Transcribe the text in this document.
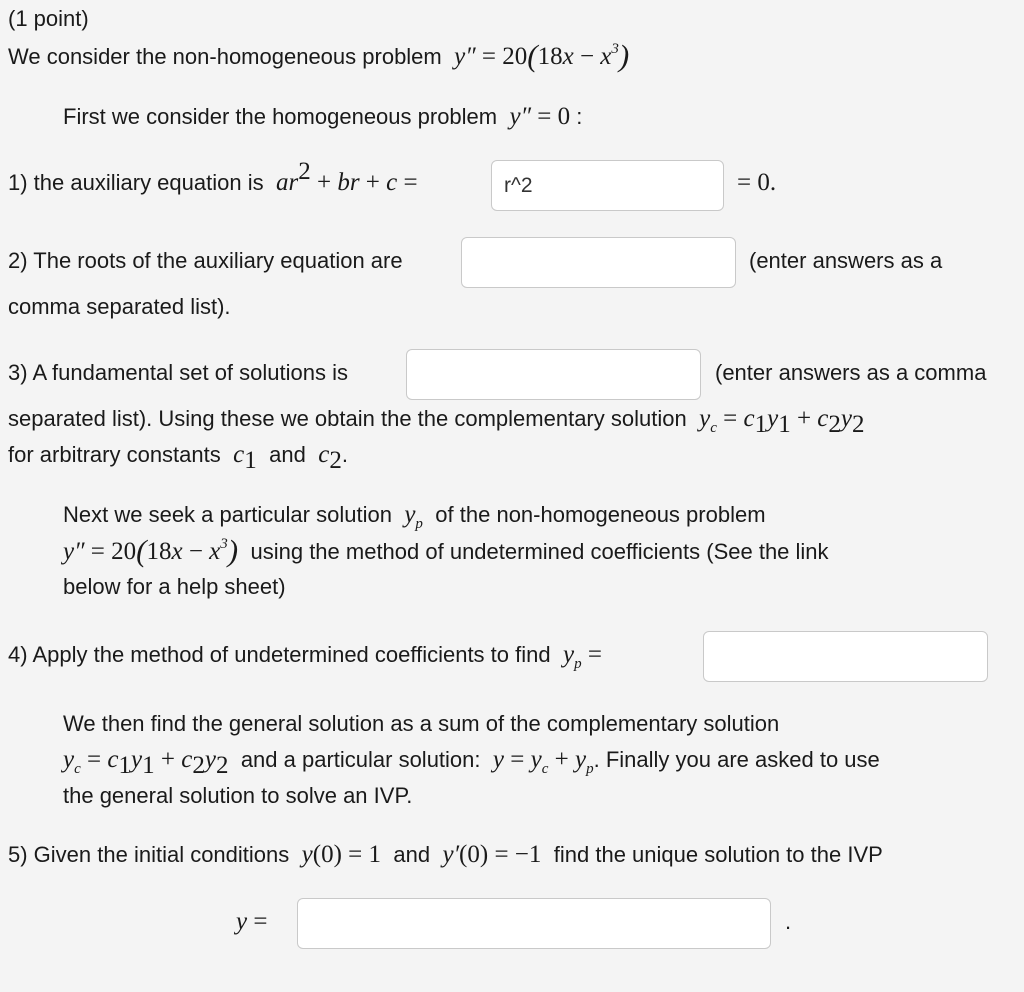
(1 point)
We consider the non-homogeneous problem  $y'' = 20(18x - x^3)$
First we consider the homogeneous problem  y″ = 0 :
1) the auxiliary equation is  $ar^2$ + br + c =
r^2	= 0.
2) The roots of the auxiliary equation are	(enter answers as a
comma separated list).
3) A fundamental set of solutions is	(enter answers as a comma
separated list). Using these we obtain the the complementary solution  $y_c = c_1y_1 + c_2y_2$
for arbitrary constants  $c_1$ and  $c_2$.
Next we seek a particular solution  $y_p$ of the non-homogeneous problem
$y'' = 20(18x - x^3)$ using the method of undetermined coefficients (See the link
below for a help sheet)
4) Apply the method of undetermined coefficients to find  $y_p$ =
We then find the general solution as a sum of the complementary solution
$y_c = c_1y_1 + c_2y_2$ and a particular solution:  $y = y_c + y_p$. Finally you are asked to use
the general solution to solve an IVP.
5) Given the initial conditions  y(0) = 1 and  y′(0) = −1 find the unique solution to the IVP
y =	.
